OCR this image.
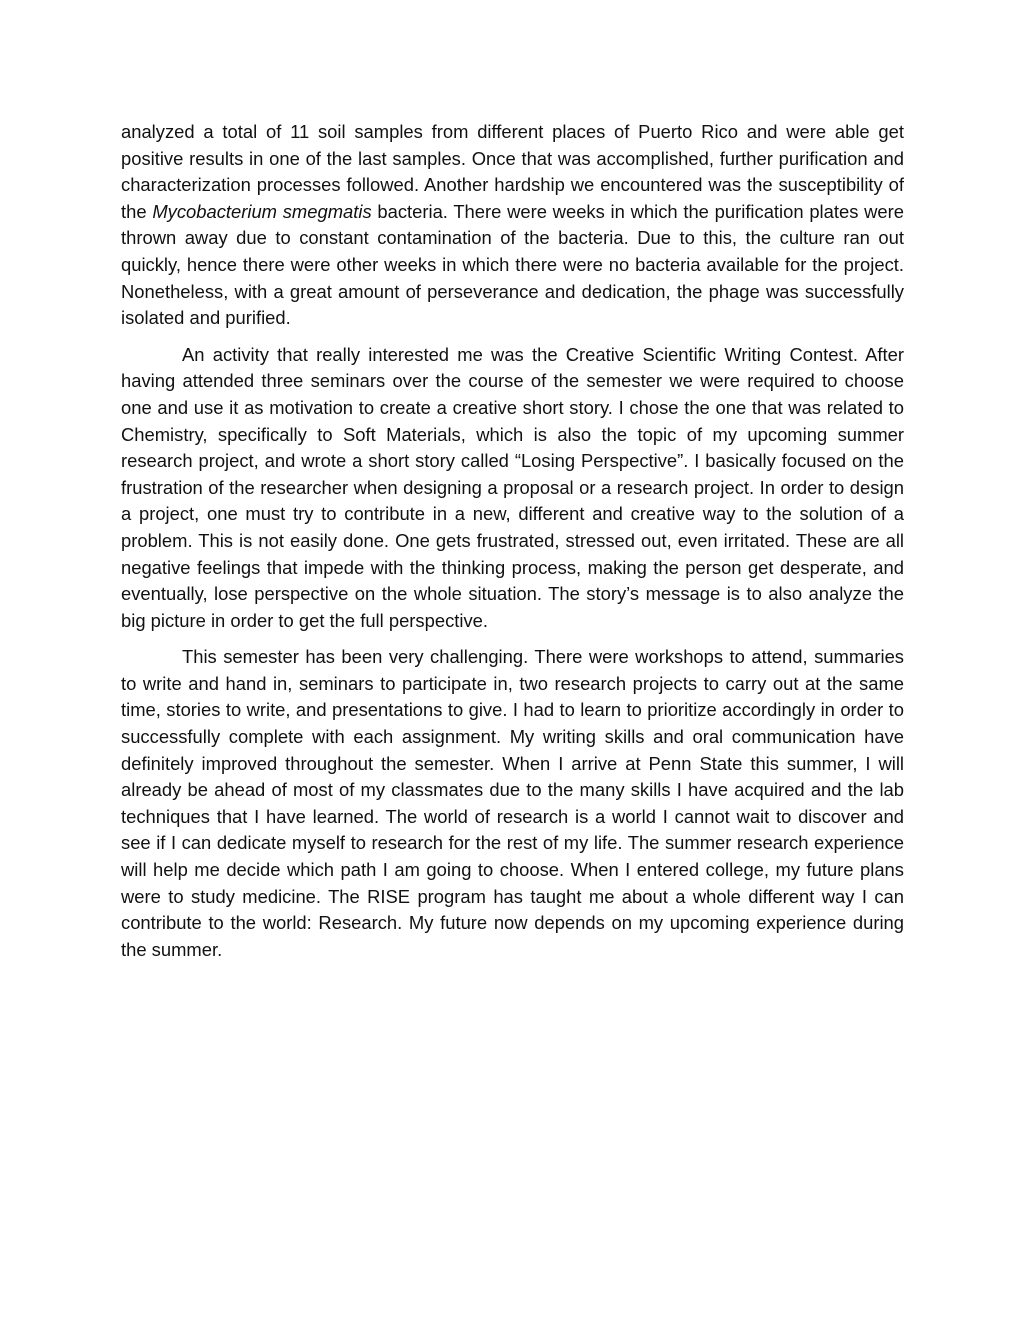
analyzed a total of 11 soil samples from different places of Puerto Rico and were able get positive results in one of the last samples. Once that was accomplished, further purification and characterization processes followed. Another hardship we encountered was the susceptibility of the Mycobacterium smegmatis bacteria. There were weeks in which the purification plates were thrown away due to constant contamination of the bacteria. Due to this, the culture ran out quickly, hence there were other weeks in which there were no bacteria available for the project. Nonetheless, with a great amount of perseverance and dedication, the phage was successfully isolated and purified.

An activity that really interested me was the Creative Scientific Writing Contest. After having attended three seminars over the course of the semester we were required to choose one and use it as motivation to create a creative short story. I chose the one that was related to Chemistry, specifically to Soft Materials, which is also the topic of my upcoming summer research project, and wrote a short story called “Losing Perspective”. I basically focused on the frustration of the researcher when designing a proposal or a research project. In order to design a project, one must try to contribute in a new, different and creative way to the solution of a problem. This is not easily done. One gets frustrated, stressed out, even irritated. These are all negative feelings that impede with the thinking process, making the person get desperate, and eventually, lose perspective on the whole situation. The story’s message is to also analyze the big picture in order to get the full perspective.

This semester has been very challenging. There were workshops to attend, summaries to write and hand in, seminars to participate in, two research projects to carry out at the same time, stories to write, and presentations to give. I had to learn to prioritize accordingly in order to successfully complete with each assignment. My writing skills and oral communication have definitely improved throughout the semester. When I arrive at Penn State this summer, I will already be ahead of most of my classmates due to the many skills I have acquired and the lab techniques that I have learned. The world of research is a world I cannot wait to discover and see if I can dedicate myself to research for the rest of my life. The summer research experience will help me decide which path I am going to choose. When I entered college, my future plans were to study medicine. The RISE program has taught me about a whole different way I can contribute to the world: Research. My future now depends on my upcoming experience during the summer.
